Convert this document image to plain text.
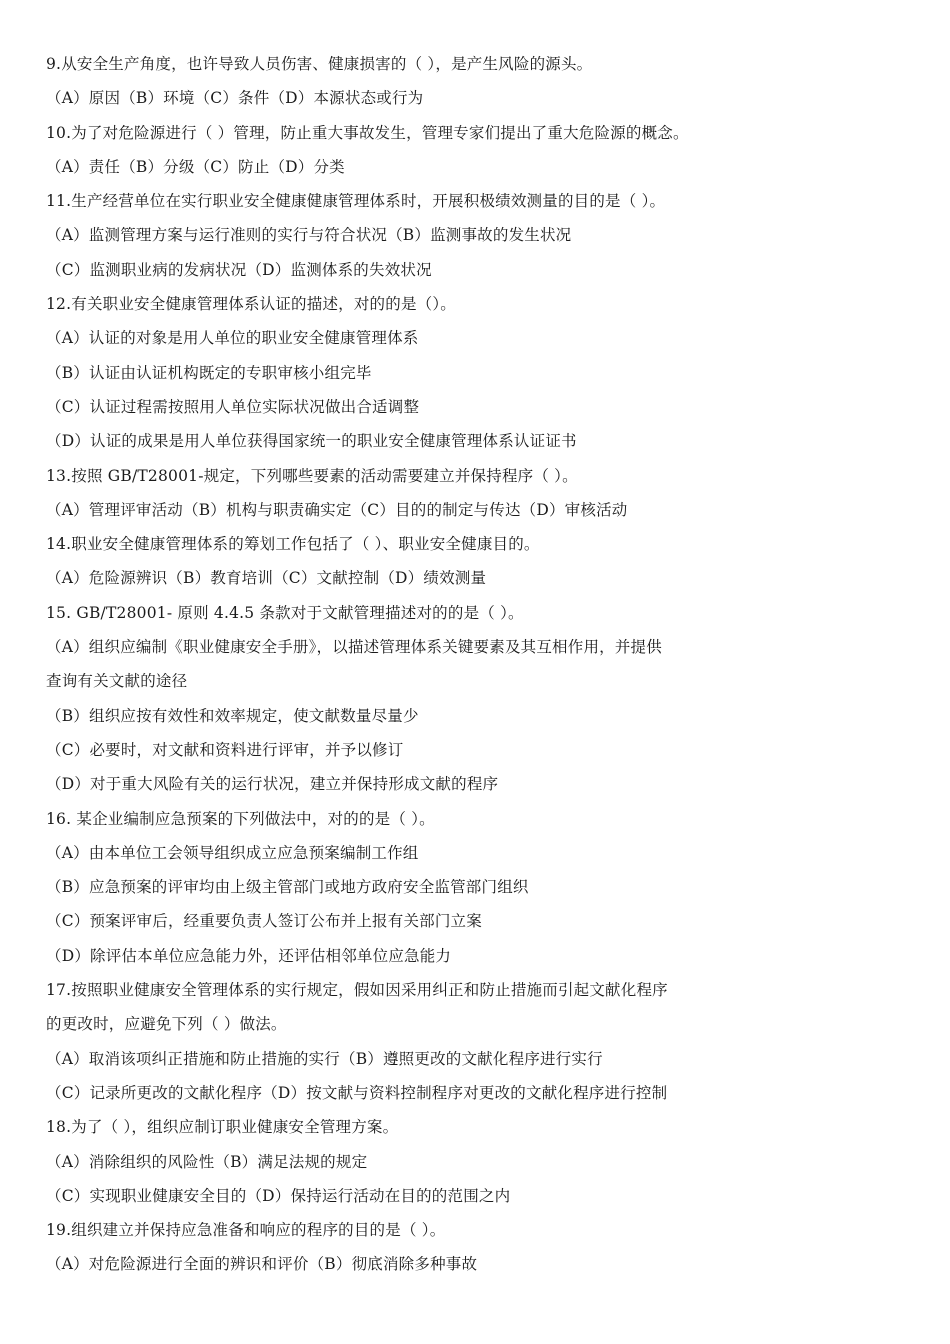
9.从安全生产角度，也许导致人员伤害、健康损害的（ ），是产生风险的源头。
（A）原因（B）环境（C）条件（D）本源状态或行为
10.为了对危险源进行（ ）管理，防止重大事故发生，管理专家们提出了重大危险源的概念。
（A）责任（B）分级（C）防止（D）分类
11.生产经营单位在实行职业安全健康健康管理体系时，开展积极绩效测量的目的是（ ）。
（A）监测管理方案与运行准则的实行与符合状况（B）监测事故的发生状况
（C）监测职业病的发病状况（D）监测体系的失效状况
12.有关职业安全健康管理体系认证的描述，对的的是（）。
（A）认证的对象是用人单位的职业安全健康管理体系
（B）认证由认证机构既定的专职审核小组完毕
（C）认证过程需按照用人单位实际状况做出合适调整
（D）认证的成果是用人单位获得国家统一的职业安全健康管理体系认证证书
13.按照 GB/T28001-规定，下列哪些要素的活动需要建立并保持程序（ ）。
（A）管理评审活动（B）机构与职责确实定（C）目的的制定与传达（D）审核活动
14.职业安全健康管理体系的筹划工作包括了（ ）、职业安全健康目的。
（A）危险源辨识（B）教育培训（C）文献控制（D）绩效测量
15. GB/T28001- 原则 4.4.5 条款对于文献管理描述对的的是（ ）。
（A）组织应编制《职业健康安全手册》，以描述管理体系关键要素及其互相作用，并提供
查询有关文献的途径
（B）组织应按有效性和效率规定，使文献数量尽量少
（C）必要时，对文献和资料进行评审，并予以修订
（D）对于重大风险有关的运行状况，建立并保持形成文献的程序
16. 某企业编制应急预案的下列做法中，对的的是（ ）。
（A）由本单位工会领导组织成立应急预案编制工作组
（B）应急预案的评审均由上级主管部门或地方政府安全监管部门组织
（C）预案评审后，经重要负责人签订公布并上报有关部门立案
（D）除评估本单位应急能力外，还评估相邻单位应急能力
17.按照职业健康安全管理体系的实行规定，假如因采用纠正和防止措施而引起文献化程序
的更改时，应避免下列（ ）做法。
（A）取消该项纠正措施和防止措施的实行（B）遵照更改的文献化程序进行实行
（C）记录所更改的文献化程序（D）按文献与资料控制程序对更改的文献化程序进行控制
18.为了（ ），组织应制订职业健康安全管理方案。
（A）消除组织的风险性（B）满足法规的规定
（C）实现职业健康安全目的（D）保持运行活动在目的的范围之内
19.组织建立并保持应急准备和响应的程序的目的是（ ）。
（A）对危险源进行全面的辨识和评价（B）彻底消除多种事故
